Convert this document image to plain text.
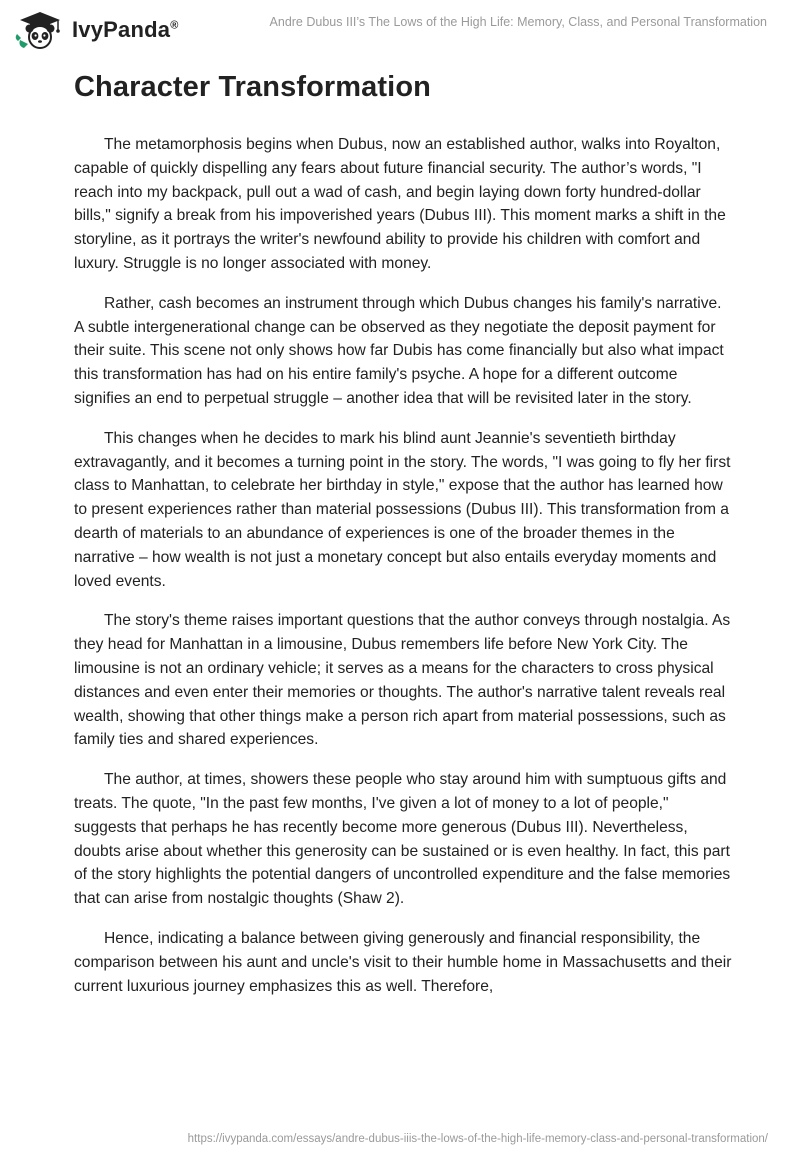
IvyPanda®	Andre Dubus III’s The Lows of the High Life: Memory, Class, and Personal Transformation
Character Transformation

The metamorphosis begins when Dubus, now an established author, walks into Royalton, capable of quickly dispelling any fears about future financial security. The author’s words, "I reach into my backpack, pull out a wad of cash, and begin laying down forty hundred-dollar bills," signify a break from his impoverished years (Dubus III). This moment marks a shift in the storyline, as it portrays the writer's newfound ability to provide his children with comfort and luxury. Struggle is no longer associated with money.

Rather, cash becomes an instrument through which Dubus changes his family's narrative. A subtle intergenerational change can be observed as they negotiate the deposit payment for their suite. This scene not only shows how far Dubis has come financially but also what impact this transformation has had on his entire family's psyche. A hope for a different outcome signifies an end to perpetual struggle – another idea that will be revisited later in the story.

This changes when he decides to mark his blind aunt Jeannie's seventieth birthday extravagantly, and it becomes a turning point in the story. The words, "I was going to fly her first class to Manhattan, to celebrate her birthday in style," expose that the author has learned how to present experiences rather than material possessions (Dubus III). This transformation from a dearth of materials to an abundance of experiences is one of the broader themes in the narrative – how wealth is not just a monetary concept but also entails everyday moments and loved events.

The story's theme raises important questions that the author conveys through nostalgia. As they head for Manhattan in a limousine, Dubus remembers life before New York City. The limousine is not an ordinary vehicle; it serves as a means for the characters to cross physical distances and even enter their memories or thoughts. The author's narrative talent reveals real wealth, showing that other things make a person rich apart from material possessions, such as family ties and shared experiences.

The author, at times, showers these people who stay around him with sumptuous gifts and treats. The quote, "In the past few months, I've given a lot of money to a lot of people," suggests that perhaps he has recently become more generous (Dubus III). Nevertheless, doubts arise about whether this generosity can be sustained or is even healthy. In fact, this part of the story highlights the potential dangers of uncontrolled expenditure and the false memories that can arise from nostalgic thoughts (Shaw 2).

Hence, indicating a balance between giving generously and financial responsibility, the comparison between his aunt and uncle's visit to their humble home in Massachusetts and their current luxurious journey emphasizes this as well. Therefore,

https://ivypanda.com/essays/andre-dubus-iiis-the-lows-of-the-high-life-memory-class-and-personal-transformation/
